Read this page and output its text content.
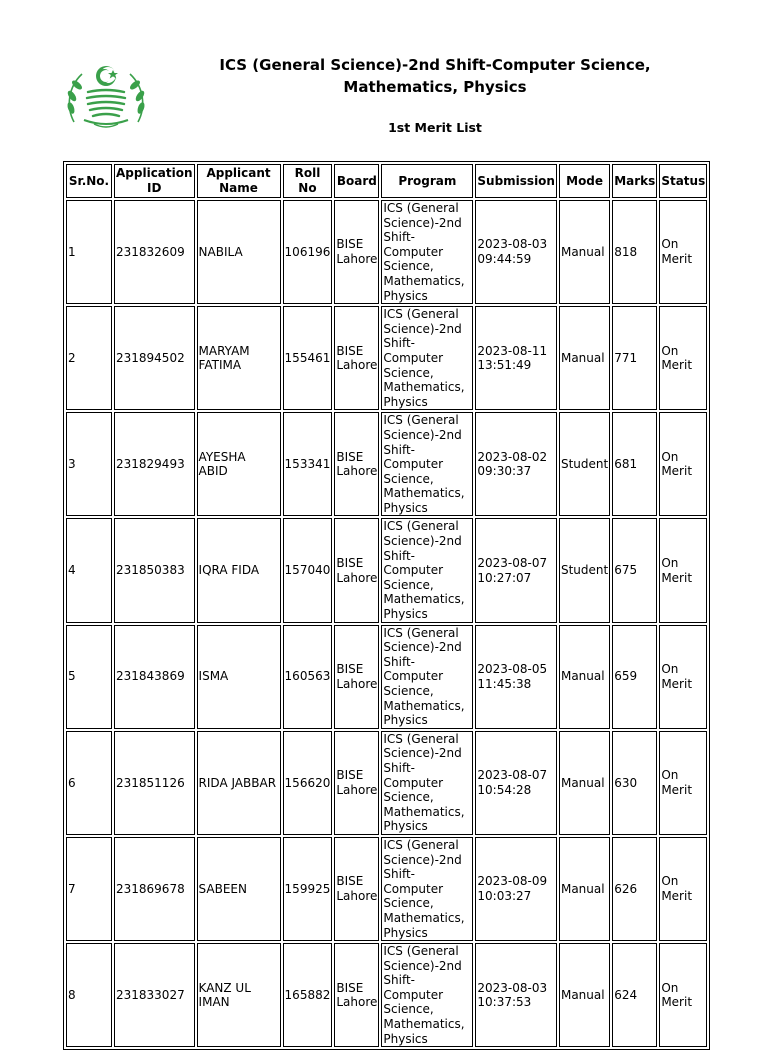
ICS (General Science)-2nd Shift-Computer Science, Mathematics, Physics
1st Merit List
Sr.No.	Application ID	Applicant Name	Roll No	Board	Program	Submission	Mode	Marks	Status
1	231832609	NABILA	106196	BISE Lahore	ICS (General Science)-2nd Shift-Computer Science, Mathematics, Physics	2023-08-03 09:44:59	Manual	818	On Merit
2	231894502	MARYAM FATIMA	155461	BISE Lahore	ICS (General Science)-2nd Shift-Computer Science, Mathematics, Physics	2023-08-11 13:51:49	Manual	771	On Merit
3	231829493	AYESHA ABID	153341	BISE Lahore	ICS (General Science)-2nd Shift-Computer Science, Mathematics, Physics	2023-08-02 09:30:37	Student	681	On Merit
4	231850383	IQRA FIDA	157040	BISE Lahore	ICS (General Science)-2nd Shift-Computer Science, Mathematics, Physics	2023-08-07 10:27:07	Student	675	On Merit
5	231843869	ISMA	160563	BISE Lahore	ICS (General Science)-2nd Shift-Computer Science, Mathematics, Physics	2023-08-05 11:45:38	Manual	659	On Merit
6	231851126	RIDA JABBAR	156620	BISE Lahore	ICS (General Science)-2nd Shift-Computer Science, Mathematics, Physics	2023-08-07 10:54:28	Manual	630	On Merit
7	231869678	SABEEN	159925	BISE Lahore	ICS (General Science)-2nd Shift-Computer Science, Mathematics, Physics	2023-08-09 10:03:27	Manual	626	On Merit
8	231833027	KANZ UL IMAN	165882	BISE Lahore	ICS (General Science)-2nd Shift-Computer Science, Mathematics, Physics	2023-08-03 10:37:53	Manual	624	On Merit
